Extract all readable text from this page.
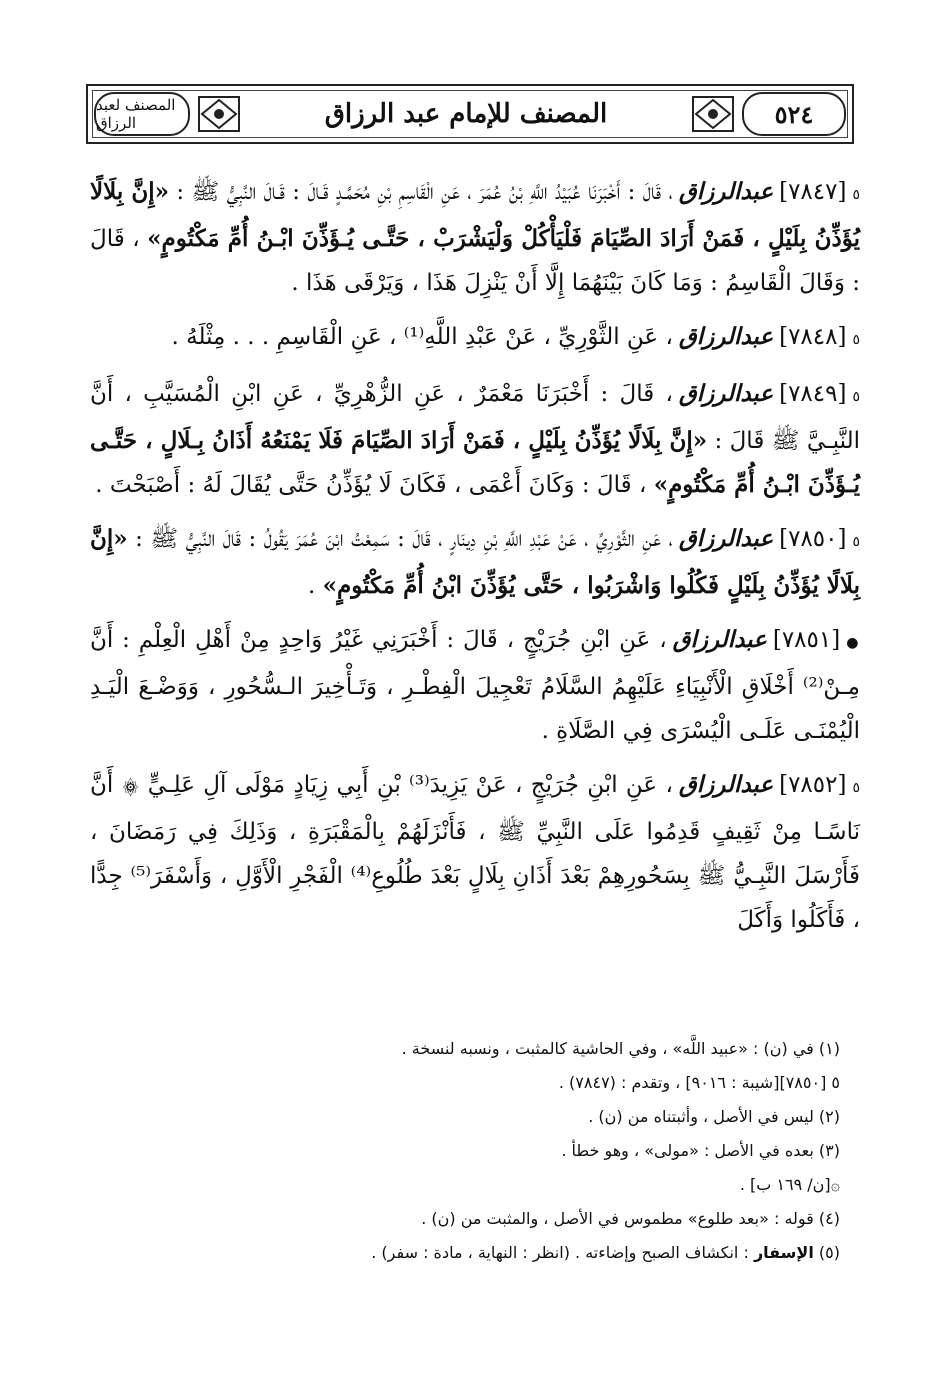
المصنف لعبد الرزاق	المصنف للإمام عبد الرزاق	٥٢٤

٥[٧٨٤٧]عبدالرزاق، قَالَ : أَخْبَرَنَا عُبَيْدُ اللَّهِ بْنُ عُمَرَ ، عَنِ الْقَاسِمِ بْنِ مُحَمَّـدٍ قَـالَ : قَـالَ النَّبِيُّ ﷺ : «إِنَّ بِلَالًا يُؤَذِّنُ بِلَيْلٍ ، فَمَنْ أَرَادَ الصِّيَامَ فَلْيَأْكُلْ وَلْيَشْرَبْ ، حَتَّـى يُـؤَذِّنَ ابْـنُ أُمِّ مَكْتُومٍ» ، قَالَ : وَقَالَ الْقَاسِمُ : وَمَا كَانَ بَيْنَهُمَا إِلَّا أَنْ يَنْزِلَ هَذَا ، وَيَرْقَى هَذَا .

٥[٧٨٤٨]عبدالرزاق، عَنِ الثَّوْرِيِّ ، عَنْ عَبْدِ اللَّهِ⁽¹⁾ ، عَنِ الْقَاسِمِ . . . مِثْلَهُ .

٥[٧٨٤٩]عبدالرزاق، قَالَ : أَخْبَرَنَا مَعْمَرٌ ، عَنِ الزُّهْرِيِّ ، عَنِ ابْنِ الْمُسَيَّبِ ، أَنَّ النَّبِـيَّ ﷺ قَالَ : «إِنَّ بِلَالًا يُؤَذِّنُ بِلَيْلٍ ، فَمَنْ أَرَادَ الصِّيَامَ فَلَا يَمْنَعُهُ أَذَانُ بِـلَالٍ ، حَتَّـى يُـؤَذِّنَ ابْـنُ أُمِّ مَكْتُومٍ» ، قَالَ : وَكَانَ أَعْمَى ، فَكَانَ لَا يُؤَذِّنُ حَتَّى يُقَالَ لَهُ : أَصْبَحْتَ .

٥[٧٨٥٠]عبدالرزاق، عَنِ الثَّوْرِيِّ ، عَنْ عَبْدِ اللَّهِ بْنِ دِينَارٍ ، قَالَ : سَمِعْتُ ابْنَ عُمَرَ يَقُولُ : قَالَ النَّبِيُّ ﷺ : «إِنَّ بِلَالًا يُؤَذِّنُ بِلَيْلٍ فَكُلُوا وَاشْرَبُوا ، حَتَّى يُؤَذِّنَ ابْنُ أُمِّ مَكْتُومٍ» .

●[٧٨٥١]عبدالرزاق، عَنِ ابْنِ جُرَيْجٍ ، قَالَ : أَخْبَرَنِي غَيْرُ وَاحِدٍ مِنْ أَهْلِ الْعِلْمِ : أَنَّ مِـنْ⁽²⁾ أَخْلَاقِ الْأَنْبِيَاءِ عَلَيْهِمُ السَّلَامُ تَعْجِيلَ الْفِطْـرِ ، وَتَـأْخِيرَ الـسُّحُورِ ، وَوَضْـعَ الْيَـدِ الْيُمْنَـى عَلَـى الْيُسْرَى فِي الصَّلَاةِ .

٥[٧٨٥٢]عبدالرزاق، عَنِ ابْنِ جُرَيْجٍ ، عَنْ يَزِيدَ⁽³⁾ بْنِ أَبِي زِيَادٍ مَوْلَى آلِ عَلِـيٍّ ۞ أَنَّ نَاسًـا مِنْ ثَقِيفٍ قَدِمُوا عَلَى النَّبِيِّ ﷺ ، فَأَنْزَلَهُمْ بِالْمَقْبَرَةِ ، وَذَلِكَ فِي رَمَضَانَ ، فَأَرْسَلَ النَّبِـيُّ ﷺ بِسَحُورِهِمْ بَعْدَ أَذَانِ بِلَالٍ بَعْدَ طُلُوعِ⁽⁴⁾ الْفَجْرِ الْأَوَّلِ ، وَأَسْفَرَ⁽⁵⁾ جِدًّا ، فَأَكَلُوا وَأَكَلَ

(١) في (ن) : «عبيد اللَّه» ، وفي الحاشية كالمثبت ، ونسبه لنسخة .
٥ [٧٨٥٠][شيبة : ٩٠١٦] ، وتقدم : (٧٨٤٧) .
(٢) ليس في الأصل ، وأثبتناه من (ن) .
(٣) بعده في الأصل : «مولى» ، وهو خطأ .
۞[ن/ ١٦٩ ب] .
(٤) قوله : «بعد طلوع» مطموس في الأصل ، والمثبت من (ن) .
(٥) الإسفار : انكشاف الصبح وإضاءته . (انظر : النهاية ، مادة : سفر) .
